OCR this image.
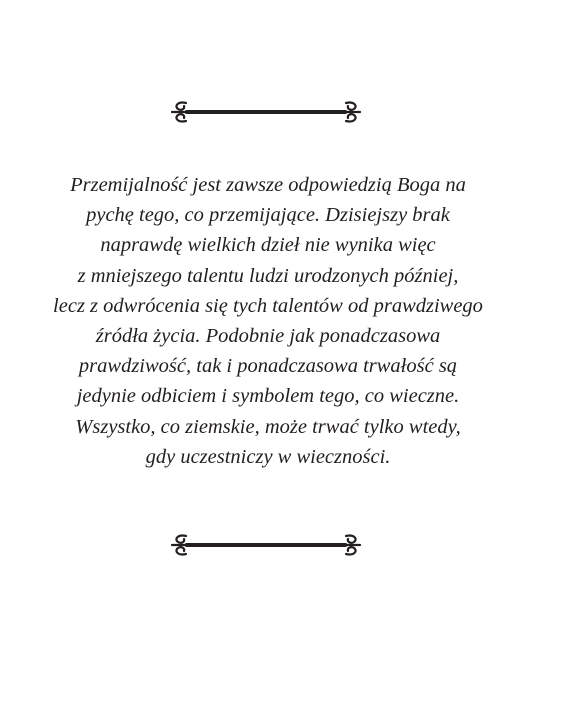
Przemijalność jest zawsze odpowiedzią Boga na
pychę tego, co przemijające. Dzisiejszy brak
naprawdę wielkich dzieł nie wynika więc
z mniejszego talentu ludzi urodzonych później,
lecz z odwrócenia się tych talentów od prawdziwego
źródła życia. Podobnie jak ponadczasowa
prawdziwość, tak i ponadczasowa trwałość są
jedynie odbiciem i symbolem tego, co wieczne.
Wszystko, co ziemskie, może trwać tylko wtedy,
gdy uczestniczy w wieczności.
